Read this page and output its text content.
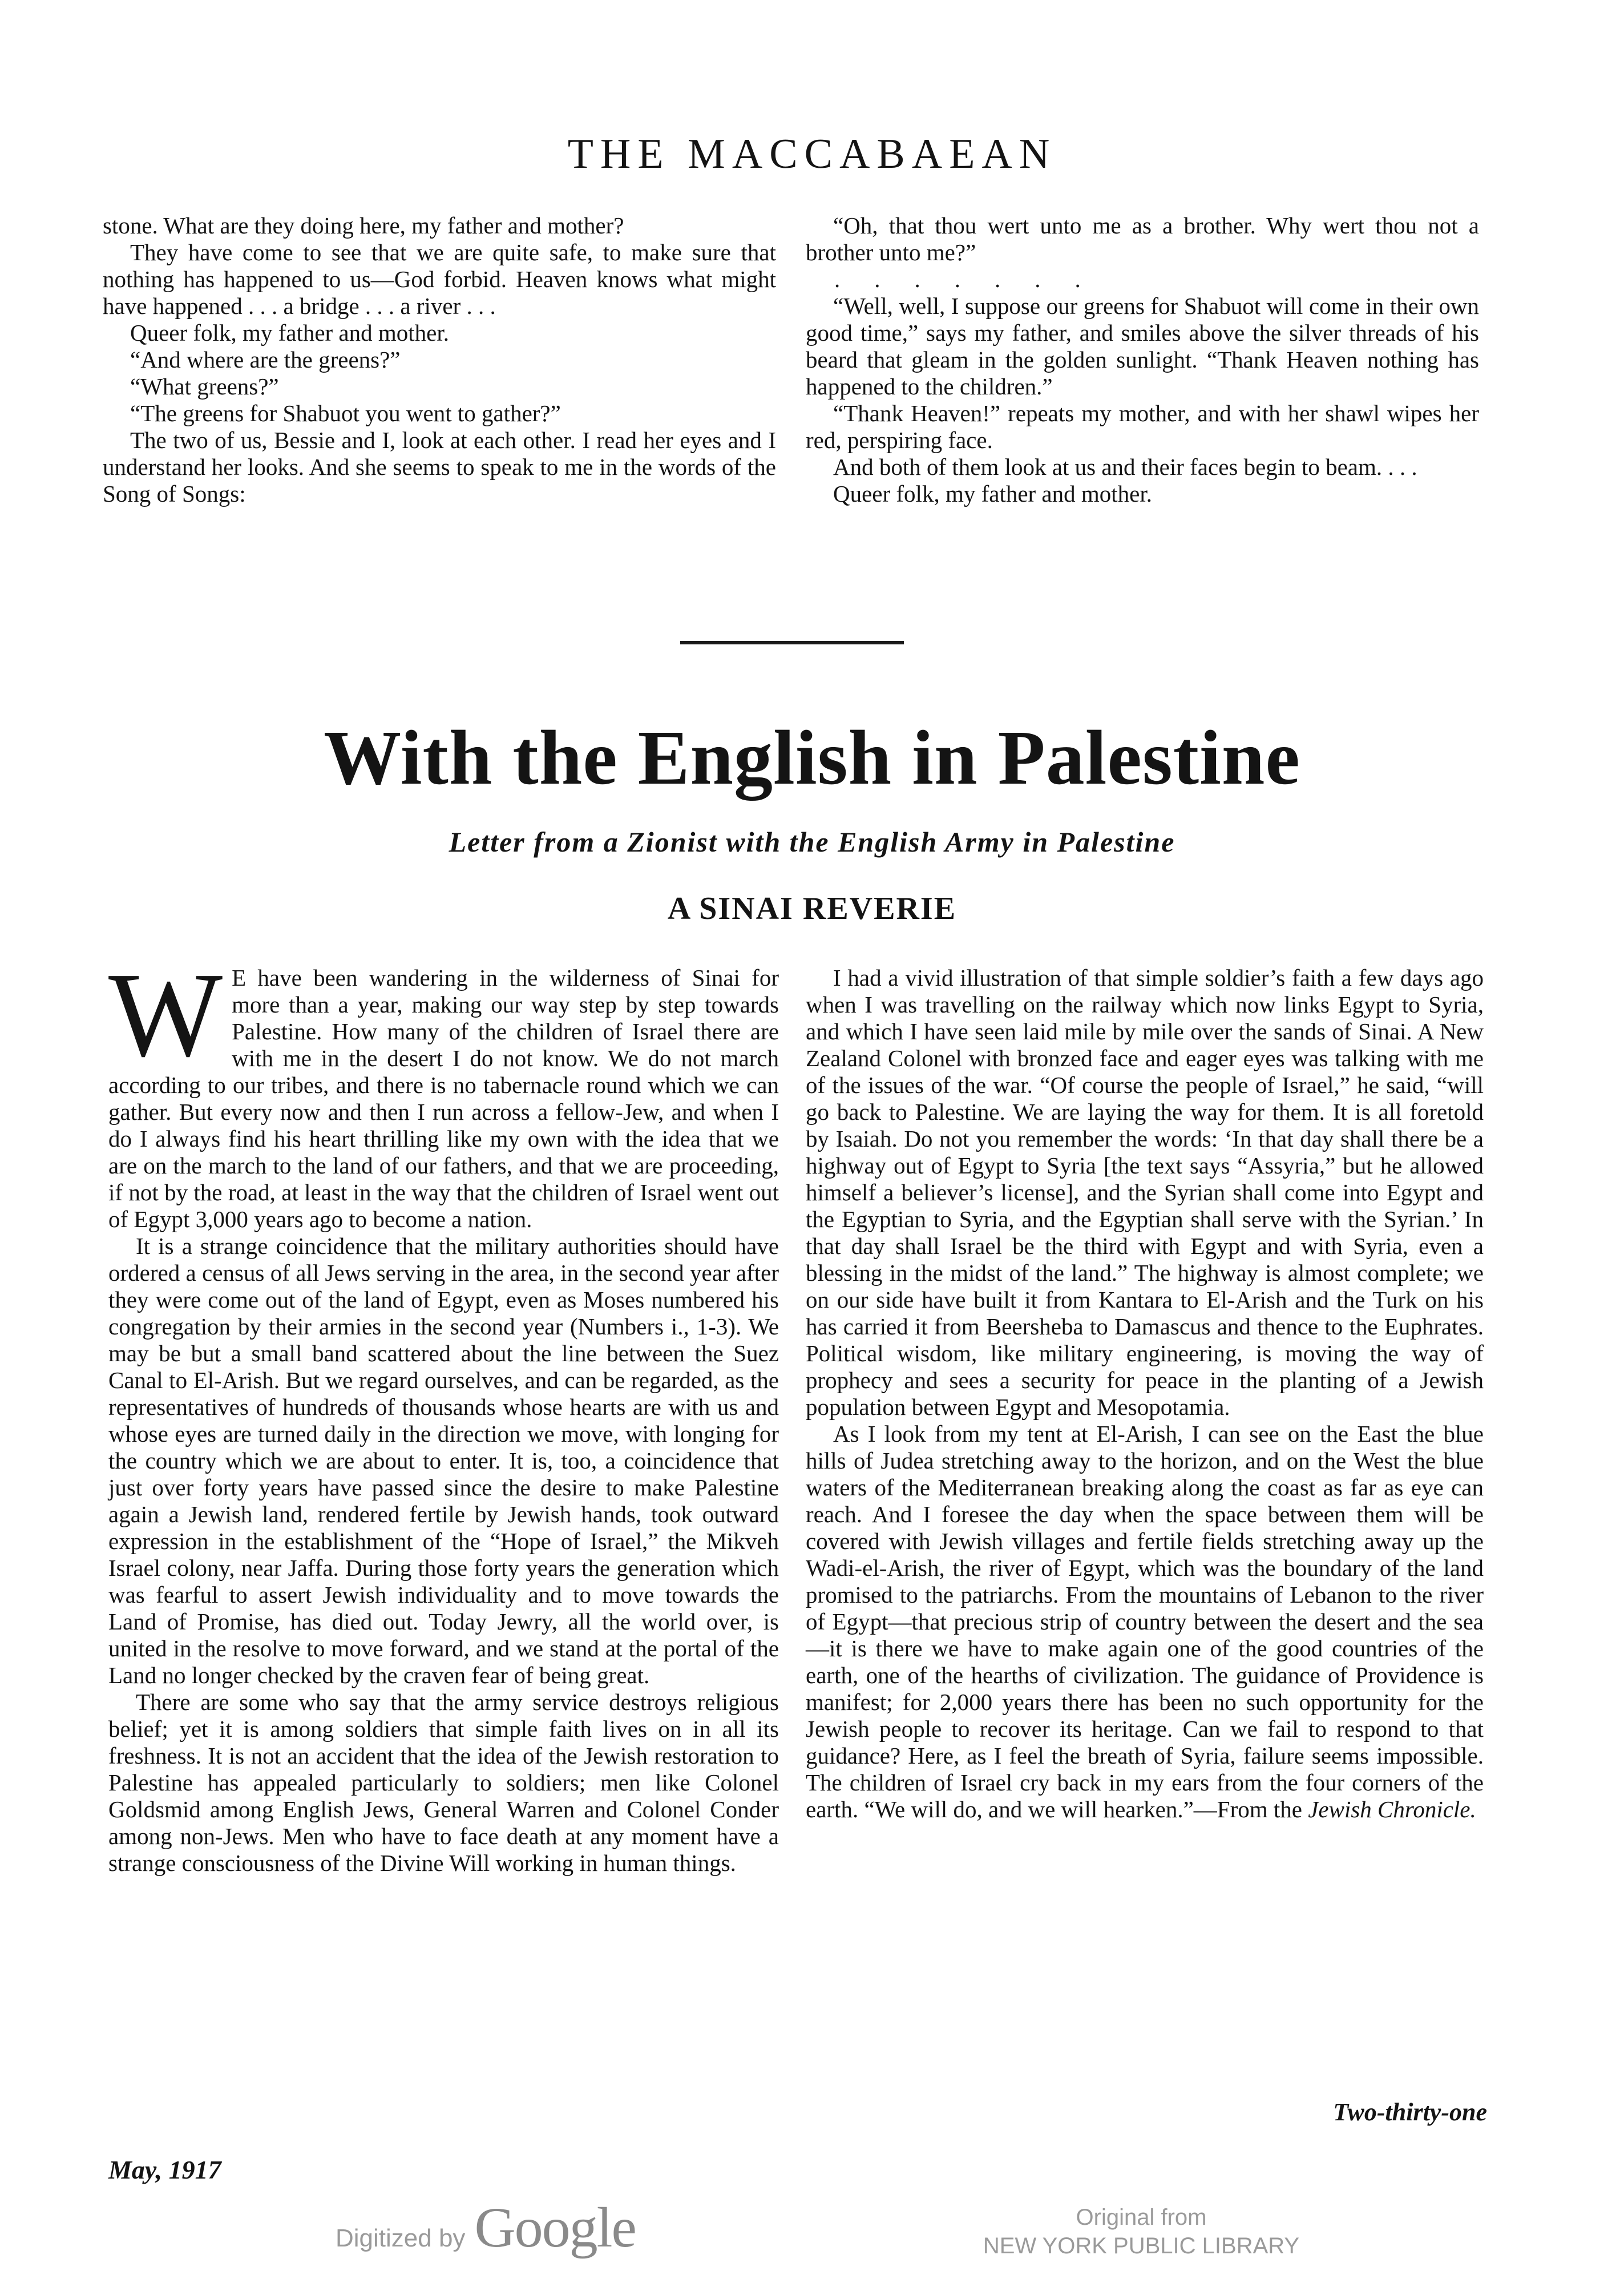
THE MACCABAEAN

stone. What are they doing here, my father and mother?

They have come to see that we are quite safe, to make sure that nothing has happened to us—God forbid. Heaven knows what might have happened . . . a bridge . . . a river . . .

Queer folk, my father and mother.

“And where are the greens?”

“What greens?”

“The greens for Shabuot you went to gather?”

The two of us, Bessie and I, look at each other. I read her eyes and I understand her looks. And she seems to speak to me in the words of the Song of Songs:

“Oh, that thou wert unto me as a brother. Why wert thou not a brother unto me?”

.......

“Well, well, I suppose our greens for Shabuot will come in their own good time,” says my father, and smiles above the silver threads of his beard that gleam in the golden sunlight. “Thank Heaven nothing has happened to the children.”

“Thank Heaven!” repeats my mother, and with her shawl wipes her red, perspiring face.

And both of them look at us and their faces begin to beam. . . .

Queer folk, my father and mother.

With the English in Palestine
Letter from a Zionist with the English Army in Palestine
A SINAI REVERIE

W E have been wandering in the wilderness of Sinai for more than a year, making our way step by step towards Palestine. How many of the children of Israel there are with me in the desert I do not know. We do not march according to our tribes, and there is no tabernacle round which we can gather. But every now and then I run across a fellow-Jew, and when I do I always find his heart thrilling like my own with the idea that we are on the march to the land of our fathers, and that we are proceeding, if not by the road, at least in the way that the children of Israel went out of Egypt 3,000 years ago to become a nation.

It is a strange coincidence that the military authorities should have ordered a census of all Jews serving in the area, in the second year after they were come out of the land of Egypt, even as Moses numbered his congregation by their armies in the second year (Numbers i., 1-3). We may be but a small band scattered about the line between the Suez Canal to El-Arish. But we regard ourselves, and can be regarded, as the representatives of hundreds of thousands whose hearts are with us and whose eyes are turned daily in the direction we move, with longing for the country which we are about to enter. It is, too, a coincidence that just over forty years have passed since the desire to make Palestine again a Jewish land, rendered fertile by Jewish hands, took outward expression in the establishment of the “Hope of Israel,” the Mikveh Israel colony, near Jaffa. During those forty years the generation which was fearful to assert Jewish individuality and to move towards the Land of Promise, has died out. Today Jewry, all the world over, is united in the resolve to move forward, and we stand at the portal of the Land no longer checked by the craven fear of being great.

There are some who say that the army service destroys religious belief; yet it is among soldiers that simple faith lives on in all its freshness. It is not an accident that the idea of the Jewish restoration to Palestine has appealed particularly to soldiers; men like Colonel Goldsmid among English Jews, General Warren and Colonel Conder among non-Jews. Men who have to face death at any moment have a strange consciousness of the Divine Will working in human things.

I had a vivid illustration of that simple soldier’s faith a few days ago when I was travelling on the railway which now links Egypt to Syria, and which I have seen laid mile by mile over the sands of Sinai. A New Zealand Colonel with bronzed face and eager eyes was talking with me of the issues of the war. “Of course the people of Israel,” he said, “will go back to Palestine. We are laying the way for them. It is all foretold by Isaiah. Do not you remember the words: ‘In that day shall there be a highway out of Egypt to Syria [the text says “Assyria,” but he allowed himself a believer’s license], and the Syrian shall come into Egypt and the Egyptian to Syria, and the Egyptian shall serve with the Syrian.’ In that day shall Israel be the third with Egypt and with Syria, even a blessing in the midst of the land.” The highway is almost complete; we on our side have built it from Kantara to El-Arish and the Turk on his has carried it from Beersheba to Damascus and thence to the Euphrates. Political wisdom, like military engineering, is moving the way of prophecy and sees a security for peace in the planting of a Jewish population between Egypt and Mesopotamia.

As I look from my tent at El-Arish, I can see on the East the blue hills of Judea stretching away to the horizon, and on the West the blue waters of the Mediterranean breaking along the coast as far as eye can reach. And I foresee the day when the space between them will be covered with Jewish villages and fertile fields stretching away up the Wadi-el-Arish, the river of Egypt, which was the boundary of the land promised to the patriarchs. From the mountains of Lebanon to the river of Egypt—that precious strip of country between the desert and the sea—it is there we have to make again one of the good countries of the earth, one of the hearths of civilization. The guidance of Providence is manifest; for 2,000 years there has been no such opportunity for the Jewish people to recover its heritage. Can we fail to respond to that guidance? Here, as I feel the breath of Syria, failure seems impossible. The children of Israel cry back in my ears from the four corners of the earth. “We will do, and we will hearken.”—From the Jewish Chronicle.

Two-thirty-one
May, 1917
Digitized by Google	Original from
NEW YORK PUBLIC LIBRARY
